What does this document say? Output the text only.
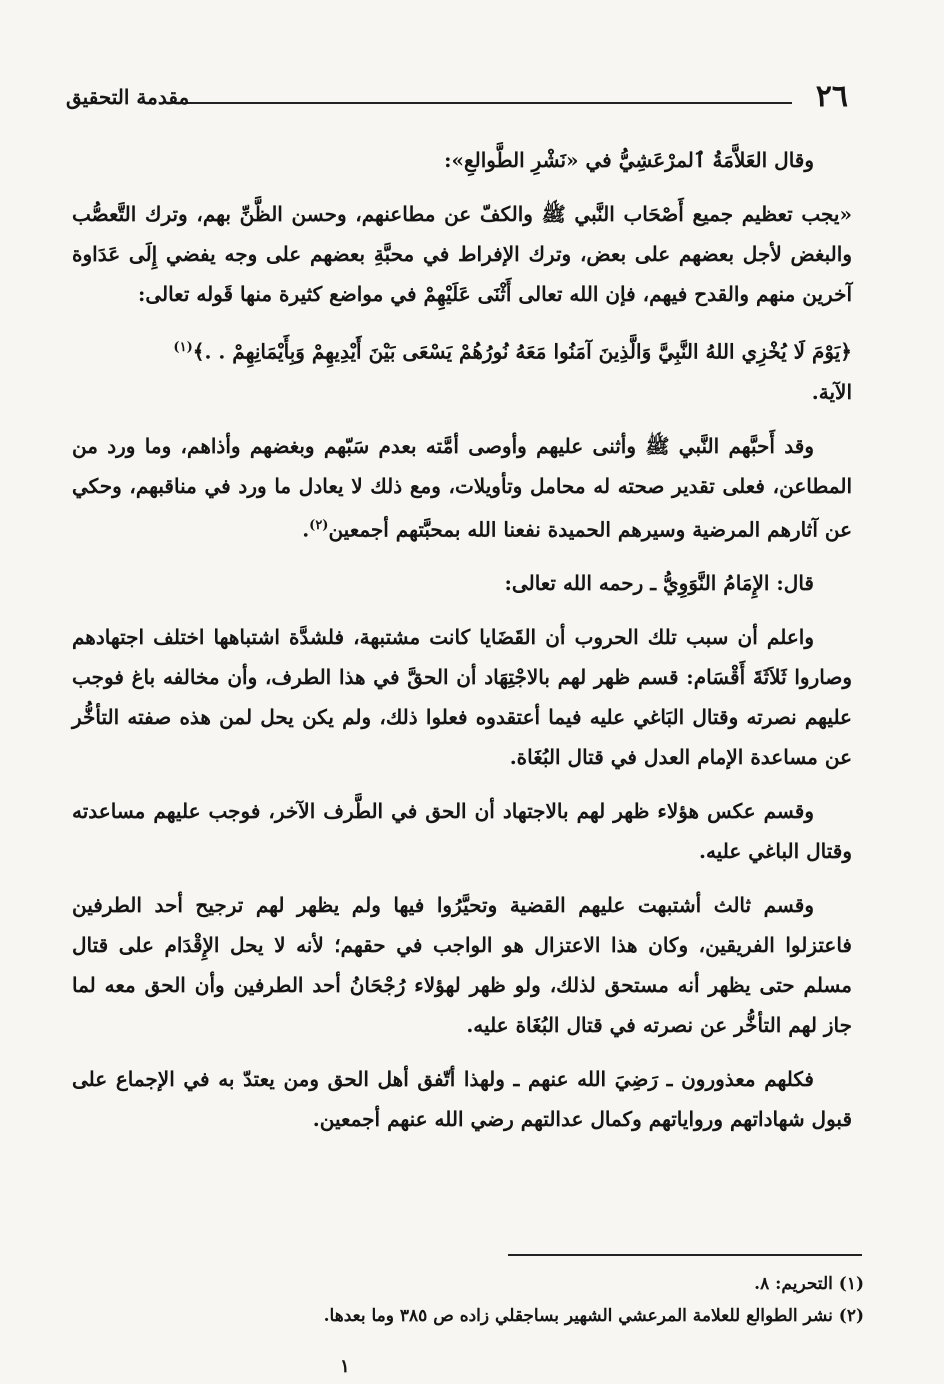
٢٦
مقدمة التحقيق

وقال العَلاَّمَةُ ٱلمرْعَشِيُّ في «نَشْرِ الطَّوالعِ»:

«يجب تعظيم جميع أَصْحَاب النَّبي ﷺ والكفّ عن مطاعنهم، وحسن الظَّنِّ بهم، وترك التَّعصُّب والبغض لأجل بعضهم على بعض، وترك الإفراط في محبَّةِ بعضهم على وجه يفضي إِلَى عَدَاوة آخرين منهم والقدح فيهم، فإن الله تعالى أَثْنَى عَلَيْهِمْ في مواضع كثيرة منها قَوله تعالى:

﴿يَوْمَ لَا يُخْزِي اللهُ النَّبِيَّ وَالَّذِينَ آمَنُوا مَعَهُ نُورُهُمْ يَسْعَى بَيْنَ أَيْدِيهِمْ وَبِأَيْمَانِهِمْ . .﴾$^{(١)}$
الآية.

وقد أَحبَّهم النَّبي ﷺ وأثنى عليهم وأوصى أمَّته بعدم سَبّهم وبغضهم وأذاهم، وما ورد من المطاعن، فعلى تقدير صحته له محامل وتأويلات، ومع ذلك لا يعادل ما ورد في مناقبهم، وحكي عن آثارهم المرضية وسيرهم الحميدة نفعنا الله بمحبَّتهم أجمعين$^{(٢)}$.

قال: الإِمَامُ النَّوَوِيُّ ـ رحمه الله تعالى:

واعلم أن سبب تلك الحروب أن القَضَايا كانت مشتبهة، فلشدَّة اشتباهها اختلف اجتهادهم وصاروا ثَلاَثَةَ أَقْسَام: قسم ظهر لهم بالاجْتِهَاد أن الحقَّ في هذا الطرف، وأن مخالفه باغ فوجب عليهم نصرته وقتال البَاغي عليه فيما أعتقدوه فعلوا ذلك، ولم يكن يحل لمن هذه صفته التأخُّر عن مساعدة الإمام العدل في قتال البُغَاة.

وقسم عكس هؤلاء ظهر لهم بالاجتهاد أن الحق في الطَّرف الآخر، فوجب عليهم مساعدته وقتال الباغي عليه.

وقسم ثالث أشتبهت عليهم القضية وتحيَّرُوا فيها ولم يظهر لهم ترجيح أحد الطرفين فاعتزلوا الفريقين، وكان هذا الاعتزال هو الواجب في حقهم؛ لأنه لا يحل الإِقْدَام على قتال مسلم حتى يظهر أنه مستحق لذلك، ولو ظهر لهؤلاء رُجْحَانُ أحد الطرفين وأن الحق معه لما جاز لهم التأخُّر عن نصرته في قتال البُغَاة عليه.

فكلهم معذورون ـ رَضِيَ الله عنهم ـ ولهذا أتّفق أهل الحق ومن يعتدّ به في الإجماع على قبول شهاداتهم ورواياتهم وكمال عدالتهم رضي الله عنهم أجمعين.

(١) التحريم: ٨.
(٢) نشر الطوالع للعلامة المرعشي الشهير بساجقلي زاده ص ٣٨٥ وما بعدها.
١
